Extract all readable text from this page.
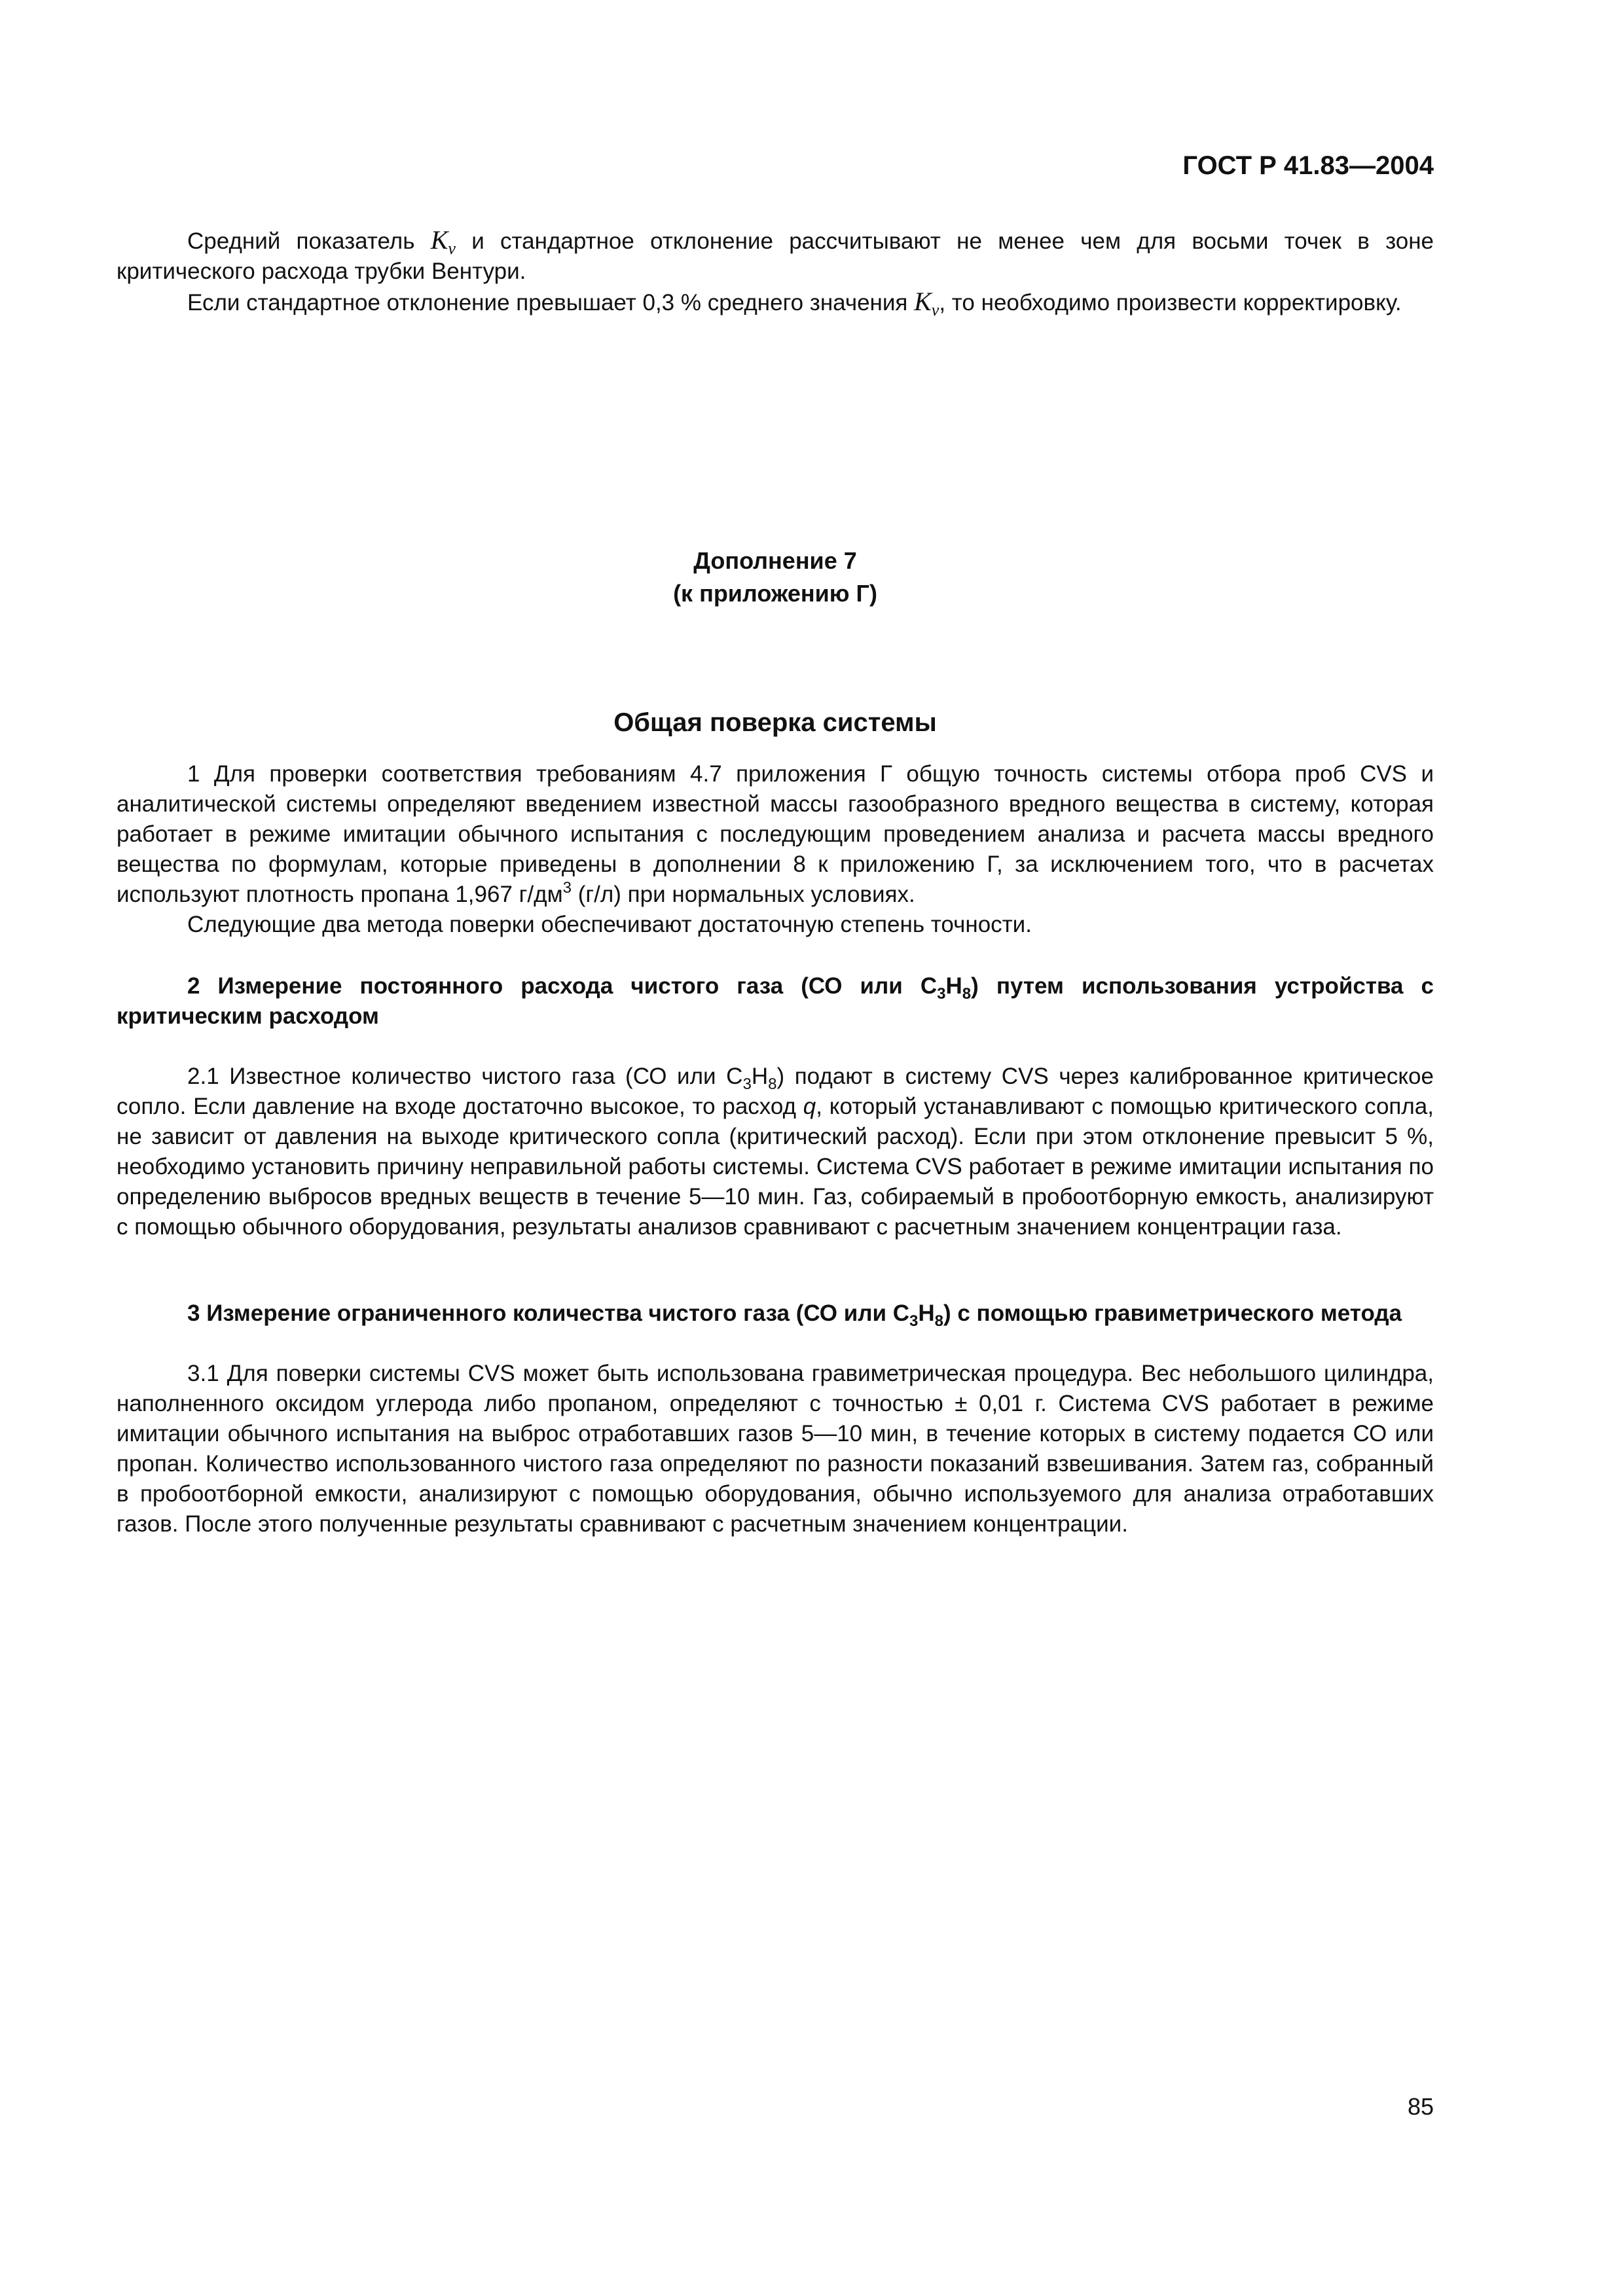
ГОСТ Р 41.83—2004

Средний показатель $K_v$ и стандартное отклонение рассчитывают не менее чем для восьми точек в зоне критического расхода трубки Вентури.

Если стандартное отклонение превышает 0,3 % среднего значения $K_v$, то необходимо произвести корректировку.

Дополнение 7
(к приложению Г)
Общая поверка системы

1 Для проверки соответствия требованиям 4.7 приложения Г общую точность системы отбора проб CVS и аналитической системы определяют введением известной массы газообразного вредного вещества в систему, которая работает в режиме имитации обычного испытания с последующим проведением анализа и расчета массы вредного вещества по формулам, которые приведены в дополнении 8 к приложению Г, за исключением того, что в расчетах используют плотность пропана 1,967 $г/дм^3$ (г/л) при нормальных условиях.

Следующие два метода поверки обеспечивают достаточную степень точности.

2 Измерение постоянного расхода чистого газа (СО или $С_3Н_8$) путем использования устройства с критическим расходом

2.1 Известное количество чистого газа (СО или $С_3Н_8$) подают в систему CVS через калиброванное критическое сопло. Если давление на входе достаточно высокое, то расход q, который устанавливают с помощью критического сопла, не зависит от давления на выходе критического сопла (критический расход). Если при этом отклонение превысит 5 %, необходимо установить причину неправильной работы системы. Система CVS работает в режиме имитации испытания по определению выбросов вредных веществ в течение 5—10 мин. Газ, собираемый в пробоотборную емкость, анализируют с помощью обычного оборудования, результаты анализов сравнивают с расчетным значением концентрации газа.

3 Измерение ограниченного количества чистого газа (СО или $С_3Н_8$) с помощью гравиметрического метода

3.1 Для поверки системы CVS может быть использована гравиметрическая процедура. Вес небольшого цилиндра, наполненного оксидом углерода либо пропаном, определяют с точностью ± 0,01 г. Система CVS работает в режиме имитации обычного испытания на выброс отработавших газов 5—10 мин, в течение которых в систему подается СО или пропан. Количество использованного чистого газа определяют по разности показаний взвешивания. Затем газ, собранный в пробоотборной емкости, анализируют с помощью оборудования, обычно используемого для анализа отработавших газов. После этого полученные результаты сравнивают с расчетным значением концентрации.

85
